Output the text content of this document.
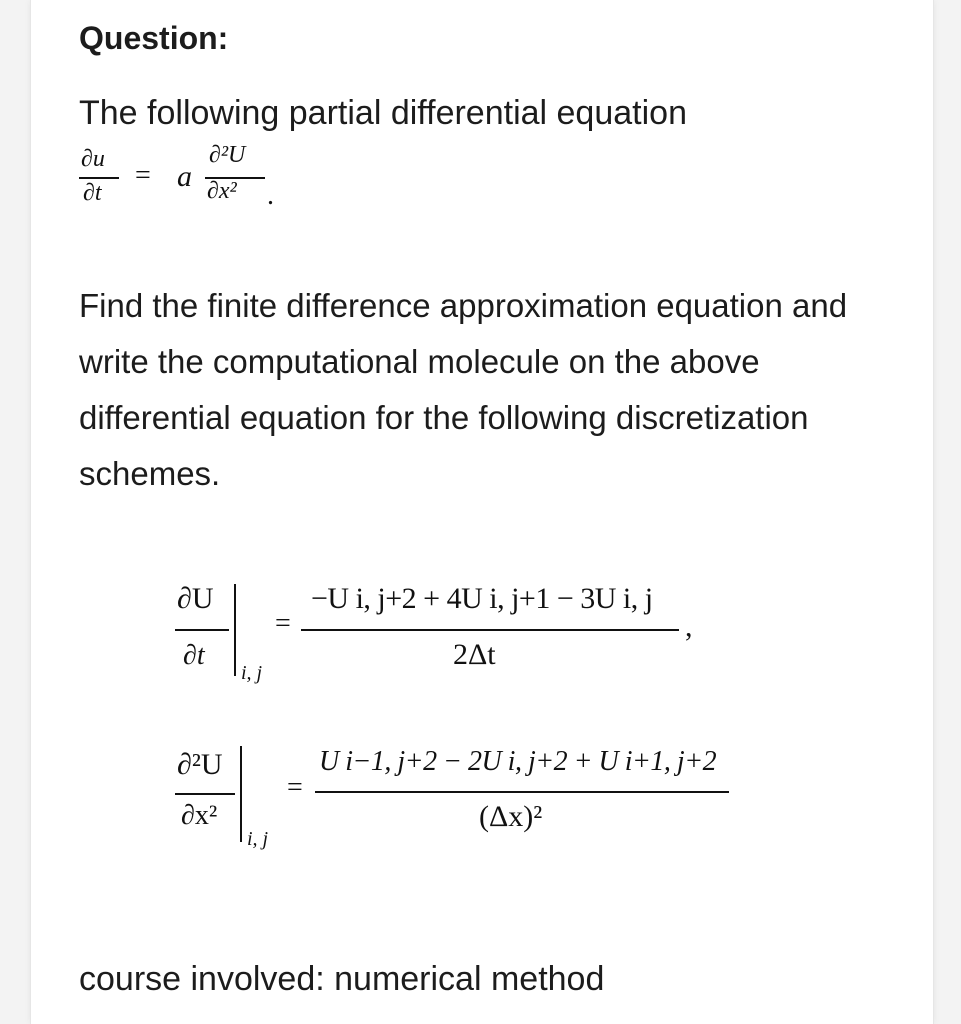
Question:
The following partial differential equation
∂u
∂t
= a
∂²U
∂x² .
Find the finite difference approximation equation and write the computational molecule on the above differential equation for the following discretization schemes.
∂U
∂t
i, j
=
−U i, j+2 + 4U i, j+1 − 3U i, j
2Δt
,
∂²U
∂x²
i, j
=
U i−1, j+2 − 2U i, j+2 + U i+1, j+2
(Δx)²
course involved: numerical method
